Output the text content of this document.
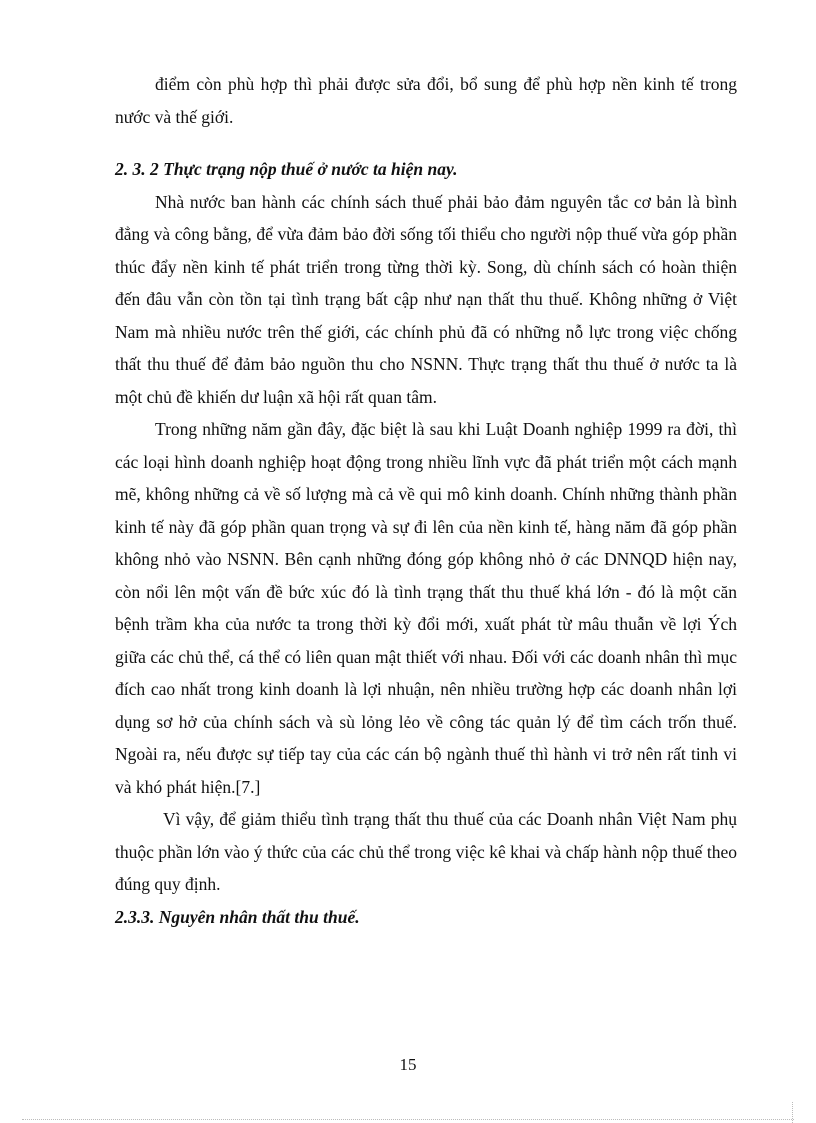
điểm còn phù hợp thì phải được sửa đổi, bổ sung để phù hợp nền kinh tế trong nước và thế giới.

2. 3. 2 Thực trạng nộp thuế ở nước ta hiện nay.

Nhà nước ban hành các chính sách thuế phải bảo đảm nguyên tắc cơ bản là bình đẳng và công bằng, để vừa đảm bảo đời sống tối thiểu cho người nộp thuế vừa góp phần thúc đẩy nền kinh tế phát triển trong từng thời kỳ. Song, dù chính sách có hoàn thiện đến đâu vẫn còn tồn tại tình trạng bất cập như nạn thất thu thuế. Không những ở Việt Nam mà nhiều nước trên thế giới, các chính phủ đã có những nỗ lực trong việc chống thất thu thuế để đảm bảo nguồn thu cho NSNN. Thực trạng thất thu thuế ở nước ta là một chủ đề khiến dư luận xã hội rất quan tâm.

Trong những năm gần đây, đặc biệt là sau khi Luật Doanh nghiệp 1999 ra đời, thì các loại hình doanh nghiệp hoạt động trong nhiều lĩnh vực đã phát triển một cách mạnh mẽ, không những cả về số lượng mà cả về qui mô kinh doanh. Chính những thành phần kinh tế này đã góp phần quan trọng và sự đi lên của nền kinh tế, hàng năm đã góp phần không nhỏ vào NSNN. Bên cạnh những đóng góp không nhỏ ở các DNNQD hiện nay, còn nổi lên một vấn đề bức xúc đó là tình trạng thất thu thuế khá lớn - đó là một căn bệnh trầm kha của nước ta trong thời kỳ đổi mới, xuất phát từ mâu thuẫn về lợi Ých giữa các chủ thể, cá thể có liên quan mật thiết với nhau. Đối với các doanh nhân thì mục đích cao nhất trong kinh doanh là lợi nhuận, nên nhiều trường hợp các doanh nhân lợi dụng sơ hở của chính sách và sù lỏng lẻo về công tác quản lý để tìm cách trốn thuế. Ngoài ra, nếu được sự tiếp tay của các cán bộ ngành thuế thì hành vi trở nên rất tinh vi và khó phát hiện.[7.]

Vì vậy, để giảm thiểu tình trạng thất thu thuế của các Doanh nhân Việt Nam phụ thuộc phần lớn vào ý thức của các chủ thể trong việc kê khai và chấp hành nộp thuế theo đúng quy định.

2.3.3. Nguyên nhân thất thu thuế.

15
